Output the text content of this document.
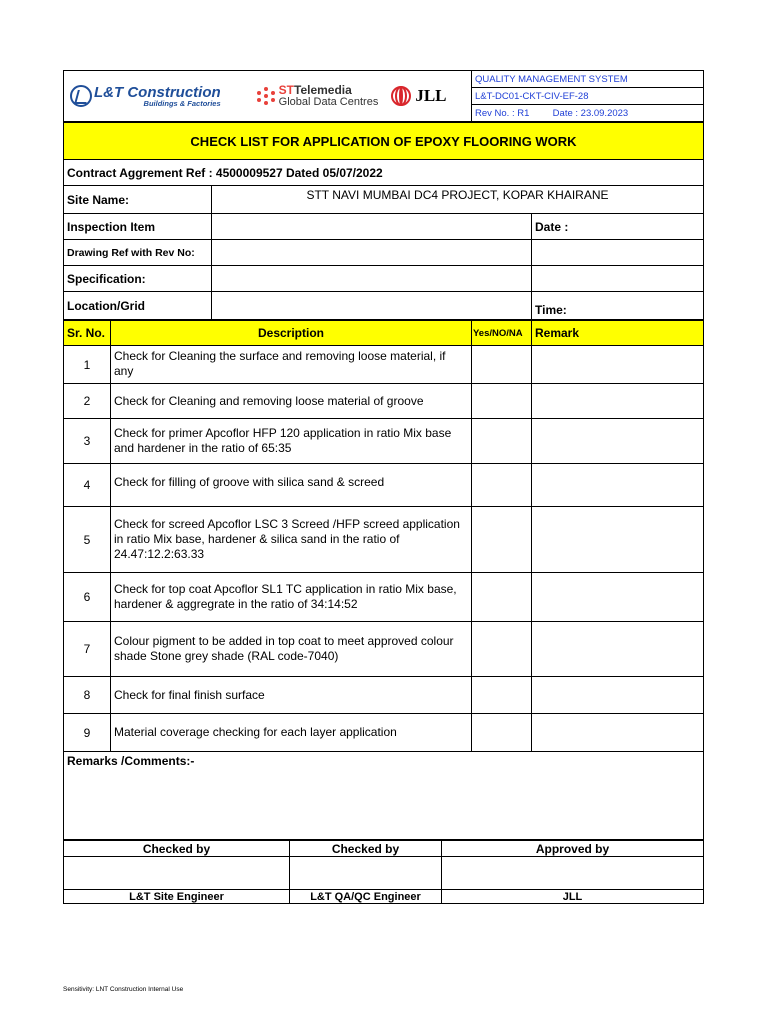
L&T Construction
Buildings & Factories
STTelemedia
Global Data Centres JLL
	QUALITY MANAGEMENT SYSTEM
L&T-DC01-CKT-CIV-EF-28
Rev No. : R1 Date : 23.09.2023
CHECK LIST FOR APPLICATION OF EPOXY FLOORING WORK		
Contract Aggrement Ref : 4500009527 Dated 05/07/2022		
Site Name:	STT NAVI MUMBAI DC4 PROJECT, KOPAR KHAIRANE	
Inspection Item		Date :
Drawing Ref with Rev No:		
Specification:		
Location/Grid		Time:
Sr. No.	Description	Yes/NO/NA	Remark
1	Check for Cleaning the surface and removing loose material, if any		
2	Check for Cleaning and removing loose material of groove		
3	Check for primer Apcoflor HFP 120 application in ratio Mix base and hardener in the ratio of 65:35		
4	Check for filling of groove with silica sand & screed		
5	Check for screed Apcoflor LSC 3 Screed /HFP screed application in ratio Mix base, hardener & silica sand in the ratio of 24.47:12.2:63.33		
6	Check for top coat Apcoflor SL1 TC application in ratio Mix base, hardener & aggregrate in the ratio of 34:14:52		
7	Colour pigment to be added in top coat to meet approved colour shade Stone grey shade (RAL code-7040)		
8	Check for final finish surface		
9	Material coverage checking for each layer application		
Remarks /Comments:-			
Checked by	Checked by	Approved by

L&T Site Engineer	L&T QA/QC Engineer	JLL
Sensitivity: LNT Construction Internal Use
